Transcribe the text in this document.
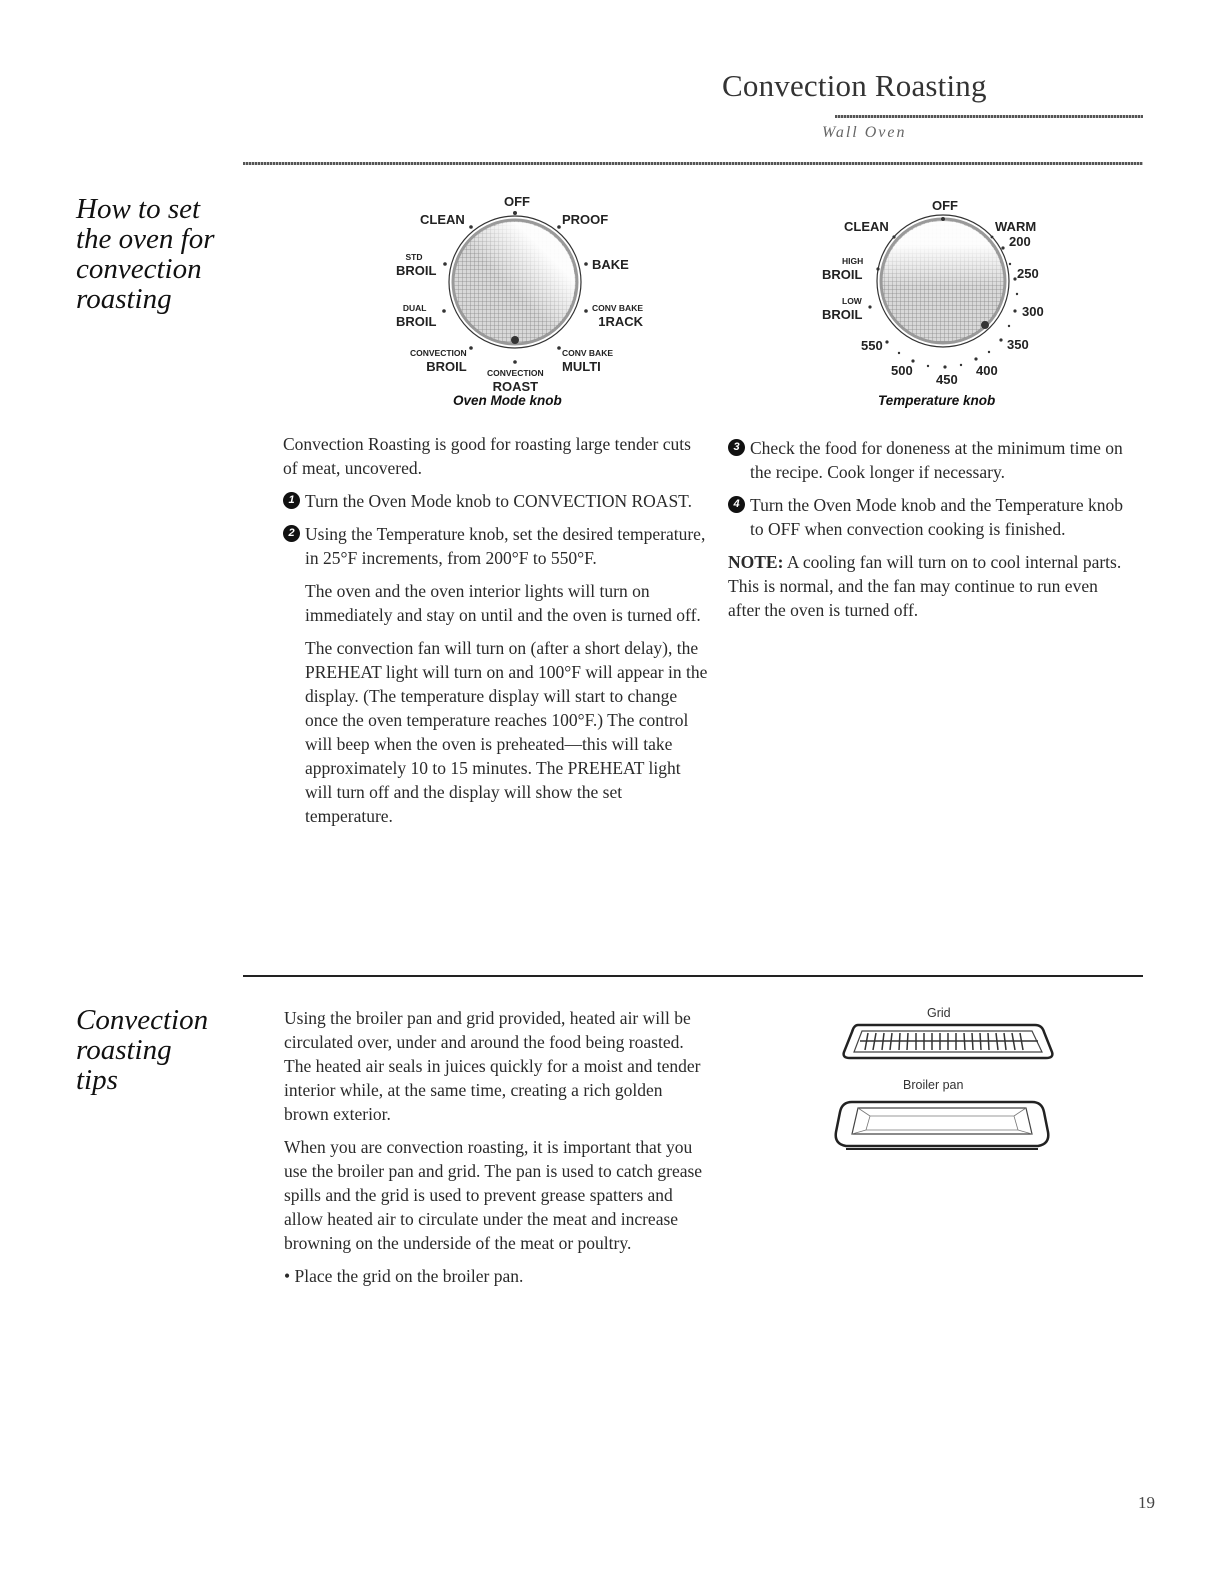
Convection Roasting
Wall Oven
How to set
the oven for
convection
roasting
OFF
CLEAN	PROOF
STD
BROIL	BAKE
DUAL
BROIL
CONV BAKE
1RACK
CONVECTION
BROIL CONVECTION
ROAST
CONV BAKE
MULTI
Oven Mode knob
OFF
CLEAN	WARM
200
250
300
350
400
450
500
550
HIGH
BROIL
LOW
BROIL
Temperature knob

Convection Roasting is good for roasting large tender cuts of meat, uncovered.

1 Turn the Oven Mode knob to CONVECTION ROAST.
2 Using the Temperature knob, set the desired temperature, in 25°F increments, from 200°F to 550°F.

The oven and the oven interior lights will turn on immediately and stay on until and the oven is turned off.

The convection fan will turn on (after a short delay), the PREHEAT light will turn on and 100°F will appear in the display. (The temperature display will start to change once the oven temperature reaches 100°F.) The control will beep when the oven is preheated—this will take approximately 10 to 15 minutes. The PREHEAT light will turn off and the display will show the set temperature.

3 Check the food for doneness at the minimum time on the recipe. Cook longer if necessary.
4 Turn the Oven Mode knob and the Temperature knob to OFF when convection cooking is finished.

NOTE: A cooling fan will turn on to cool internal parts. This is normal, and the fan may continue to run even after the oven is turned off.

Convection
roasting
tips

Using the broiler pan and grid provided, heated air will be circulated over, under and around the food being roasted. The heated air seals in juices quickly for a moist and tender interior while, at the same time, creating a rich golden brown exterior.

When you are convection roasting, it is important that you use the broiler pan and grid. The pan is used to catch grease spills and the grid is used to prevent grease spatters and allow heated air to circulate under the meat and increase browning on the underside of the meat or poultry.

• Place the grid on the broiler pan.

Grid
Broiler pan
19
